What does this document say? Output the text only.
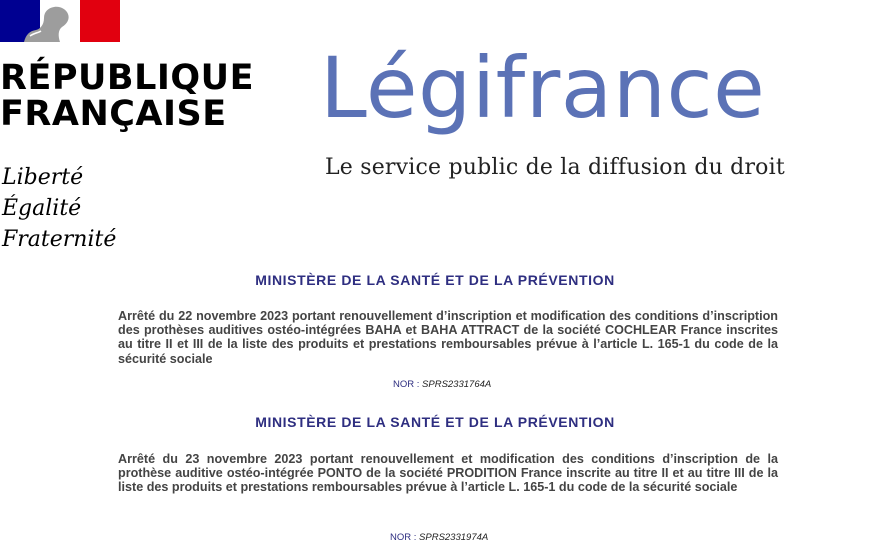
RÉPUBLIQUE
FRANÇAISE
Liberté
Égalité
Fraternité
Légifrance
Le service public de la diffusion du droit
MINISTÈRE DE LA SANTÉ ET DE LA PRÉVENTION
Arrêté du 22 novembre 2023 portant renouvellement d’inscription et modification des conditions d’inscription des prothèses auditives ostéo-intégrées BAHA et BAHA ATTRACT de la société COCHLEAR France inscrites au titre II et III de la liste des produits et prestations remboursables prévue à l’article L. 165-1 du code de la sécurité sociale
NOR : SPRS2331764A
MINISTÈRE DE LA SANTÉ ET DE LA PRÉVENTION
Arrêté du 23 novembre 2023 portant renouvellement et modification des conditions d’inscription de la prothèse auditive ostéo-intégrée PONTO de la société PRODITION France inscrite au titre II et au titre III de la liste des produits et prestations remboursables prévue à l’article L. 165-1 du code de la sécurité sociale
NOR : SPRS2331974A
